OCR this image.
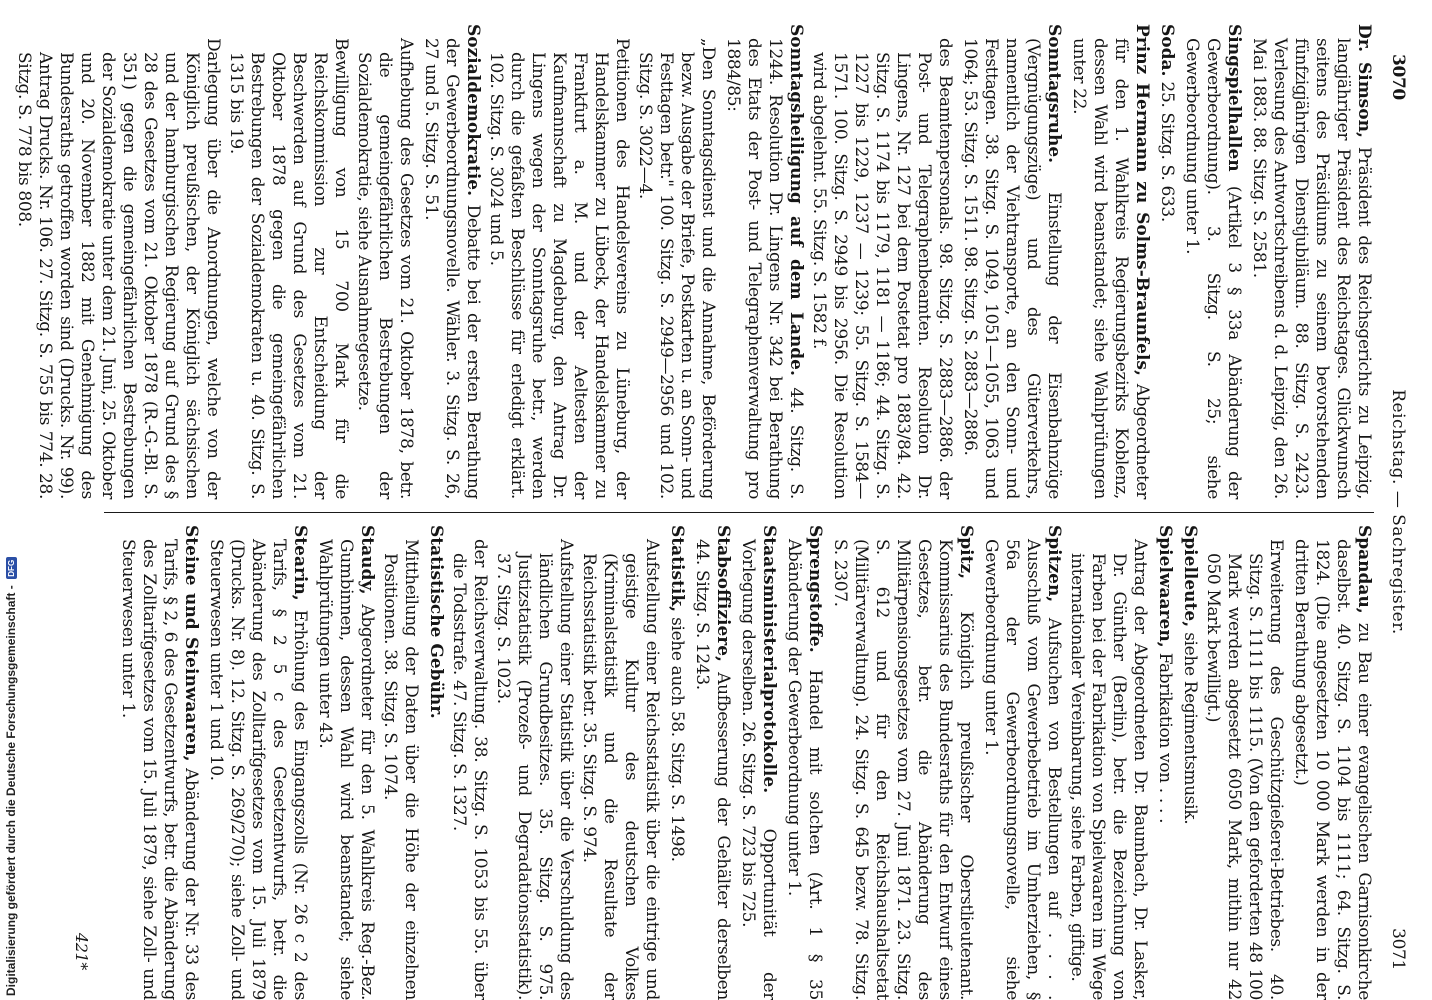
3070
Reichstag. — Sachregister.
3071
Dr. Simson, Präsident des Reichsgerichts zu Leipzig, langjähriger Präsident des Reichstages. Glückwunsch seitens des Präsidiums zu seinem bevorstehenden fünfzigjährigen Dienstjubiläum. 88. Sitzg. S. 2423. Verlesung des Antwortschreibens d. d. Leipzig, den 26. Mai 1883. 88. Sitzg. S. 2581.
Singspielhallen (Artikel 3 § 33a Abänderung der Gewerbeordnung). 3. Sitzg. S. 25; siehe Gewerbeordnung unter 1.
Soda. 25. Sitzg. S. 633.
Prinz Hermann zu Solms-Braunfels, Abgeordneter für den 1. Wahlkreis Regierungsbezirks Koblenz, dessen Wahl wird beanstandet; siehe Wahlprüfungen unter 22.
Sonntagsruhe. Einstellung der Eisenbahnzüge (Vergnügungszüge) und des Güterverkehrs, namentlich der Viehtransporte, an den Sonn- und Festtagen. 38. Sitzg. S. 1049, 1051—1055, 1063 und 1064; 53. Sitzg. S. 1511. 98. Sitzg. S. 2883—2886.
des Beamtenpersonals. 98. Sitzg. S. 2883—2886. der Post- und Telegraphenbeamten. Resolution Dr. Lingens, Nr. 127 bei dem Postetat pro 1883/84. 42. Sitzg. S. 1174 bis 1179, 1181 — 1186; 44. Sitzg. S. 1227 bis 1229, 1237 — 1239; 55. Sitzg. S. 1584—1571. 100. Sitzg. S. 2949 bis 2956. Die Resolution wird abgelehnt. 55. Sitzg. S. 1582 f.
Sonntagsheiligung auf dem Lande. 44. Sitzg. S. 1244. Resolution Dr. Lingens Nr. 342 bei Berathung des Etats der Post- und Telegraphenverwaltung pro 1884/85:
„Den Sonntagsdienst und die Annahme, Beförderung bezw. Ausgabe der Briefe, Postkarten u. an Sonn- und Festtagen betr." 100. Sitzg. S. 2949—2956 und 102. Sitzg. S. 3022—4.
Petitionen des Handelsvereins zu Lüneburg, der Handelskammer zu Lübeck, der Handelskammer zu Frankfurt a. M. und der Aeltesten der Kaufmannschaft zu Magdeburg, den Antrag Dr. Lingens wegen der Sonntagsruhe betr., werden durch die gefaßten Beschlüsse für erledigt erklärt. 102. Sitzg. S. 3024 und 5.
Sozialdemokratie. Debatte bei der ersten Berathung der Gewerbeordnungsnovelle. Wähler. 3. Sitzg. S. 26, 27 und 5. Sitzg. S. 51.
Aufhebung des Gesetzes vom 21. Oktober 1878, betr. die gemeingefährlichen Bestrebungen der Sozialdemokratie, siehe Ausnahmegesetze.
Bewilligung von 15 700 Mark für die Reichskommission zur Entscheidung der Beschwerden auf Grund des Gesetzes vom 21. Oktober 1878 gegen die gemeingefährlichen Bestrebungen der Sozialdemokraten u. 40. Sitzg. S. 1315 bis 19.
Darlegung über die Anordnungen, welche von der Königlich preußischen, der Königlich sächsischen und der hamburgischen Regierung auf Grund des § 28 des Gesetzes vom 21. Oktober 1878 (R.-G.-Bl. S. 351) gegen die gemeingefährlichen Bestrebungen der Sozialdemokratie unter dem 21. Juni, 25. Oktober und 20. November 1882 mit Genehmigung des Bundesraths getroffen worden sind (Drucks. Nr. 99). Antrag Drucks. Nr. 106. 27. Sitzg. S. 755 bis 774. 28. Sitzg. S. 778 bis 808.
Spandau, zu Bau einer evangelischen Garnisonkirche daselbst. 40. Sitzg. S. 1104 bis 1111; 64. Sitzg. S. 1824. (Die angesetzten 10 000 Mark werden in der dritten Berathung abgesetzt.)
Erweiterung des Geschützgießerei-Betriebes. 40. Sitzg. S. 1111 bis 1115. (Von den geforderten 48 100 Mark werden abgesetzt 6050 Mark, mithin nur 42 050 Mark bewilligt.)
Spielleute, siehe Regimentsmusik.
Spielwaaren, Fabrikation von . . . .
Antrag der Abgeordneten Dr. Baumbach, Dr. Lasker, Dr. Günther (Berlin), betr. die Bezeichnung von Farben bei der Fabrikation von Spielwaaren im Wege internationaler Vereinbarung, siehe Farben, giftige.
Spitzen, Aufsuchen von Bestellungen auf . . . . Ausschluß vom Gewerbebetrieb im Umherziehen, § 56a der Gewerbeordnungsnovelle, siehe Gewerbeordnung unter 1.
Spitz, Königlich preußischer Oberstlieutenant. Kommissarius des Bundesraths für den Entwurf eines Gesetzes, betr. die Abänderung des Militärpensionsgesetzes vom 27. Juni 1871. 23. Sitzg. S. 612 und für den Reichshaushaltsetat (Militärverwaltung). 24. Sitzg. S. 645 bezw. 78. Sitzg. S. 2307.
Sprengstoffe. Handel mit solchen (Art. 1 § 35 Abänderung der Gewerbeordnung unter 1.
Staatsministerialprotokolle. Opportunität der Vorlegung derselben. 26. Sitzg. S. 723 bis 725.
Stabsoffiziere, Aufbesserung der Gehälter derselben 44. Sitzg. S. 1243.
Statistik, siehe auch 58. Sitzg. S. 1498.
Aufstellung einer Reichsstatistik über die eintrige und geistige Kultur des deutschen Volkes (Kriminalstatistik und die Resultate der Reichsstatistik betr. 35. Sitzg. S. 974.
Aufstellung einer Statistik über die Verschuldung des ländlichen Grundbesitzes. 35. Sitzg. S. 975. Justizstatistik (Prozeß- und Degradationsstatistik). 37. Sitzg. S. 1023.
der Reichsverwaltung. 38. Sitzg. S. 1053 bis 55. über die Todsstrafe. 47. Sitzg. S. 1327.
Statistische Gebühr.
Mittheilung der Daten über die Höhe der einzelnen Positionen. 38. Sitzg. S. 1074.
Staudy, Abgeordneter für den 5. Wahlkreis Reg.-Bez. Gumbinnen, dessen Wahl wird beanstandet; siehe Wahlprüfungen unter 43.
Stearin, Erhöhung des Eingangszolls (Nr. 26 c 2 des Tarifs, § 2 5 c des Gesetzentwurfs, betr. die Abänderung des Zolltarifgesetzes vom 15. Juli 1879 (Drucks. Nr. 8). 12. Sitzg. S. 269/270); siehe Zoll- und Steuerwesen unter 1 und 10.
Steine und Steinwaaren, Abänderung der Nr. 33 des Tarifs, § 2, 6 des Gesetzentwurfs, betr. die Abänderung des Zolltarifgesetzes vom 15. Juli 1879, siehe Zoll- und Steuerwesen unter 1.
421*
Digitalisierung gefördert durch die Deutsche Forschungsgemeinschaft -
DFG
